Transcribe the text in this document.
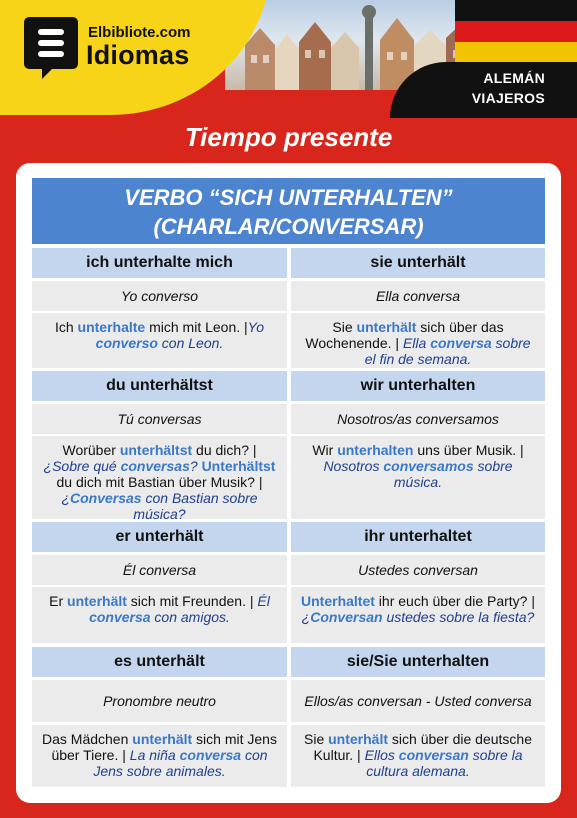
ALEMÁN
VIAJEROS
Elbibliote.com
Idiomas
Tiempo presente
VERBO “SICH UNTERHALTEN”
(CHARLAR/CONVERSAR)
ich unterhalte mich
Yo converso
Ich unterhalte mich mit Leon. |Yo converso con Leon.
sie unterhält
Ella conversa
Sie unterhält sich über das Wochenende. | Ella conversa sobre el fin de semana.
du unterhältst
Tú conversas
Worüber unterhältst du dich? |¿Sobre qué conversas? Unterhältst du dich mit Bastian über Musik? | ¿Conversas con Bastian sobre música?
wir unterhalten
Nosotros/as conversamos
Wir unterhalten uns über Musik. | Nosotros conversamos sobre música.
er unterhält
Él conversa
Er unterhält sich mit Freunden. | Él conversa con amigos.
ihr unterhaltet
Ustedes conversan
Unterhaltet ihr euch über die Party? | ¿Conversan ustedes sobre la fiesta?
es unterhält
Pronombre neutro
Das Mädchen unterhält sich mit Jens über Tiere. | La niña conversa con Jens sobre animales.
sie/Sie unterhalten
Ellos/as conversan - Usted conversa
Sie unterhält sich über die deutsche Kultur. | Ellos conversan sobre la cultura alemana.
